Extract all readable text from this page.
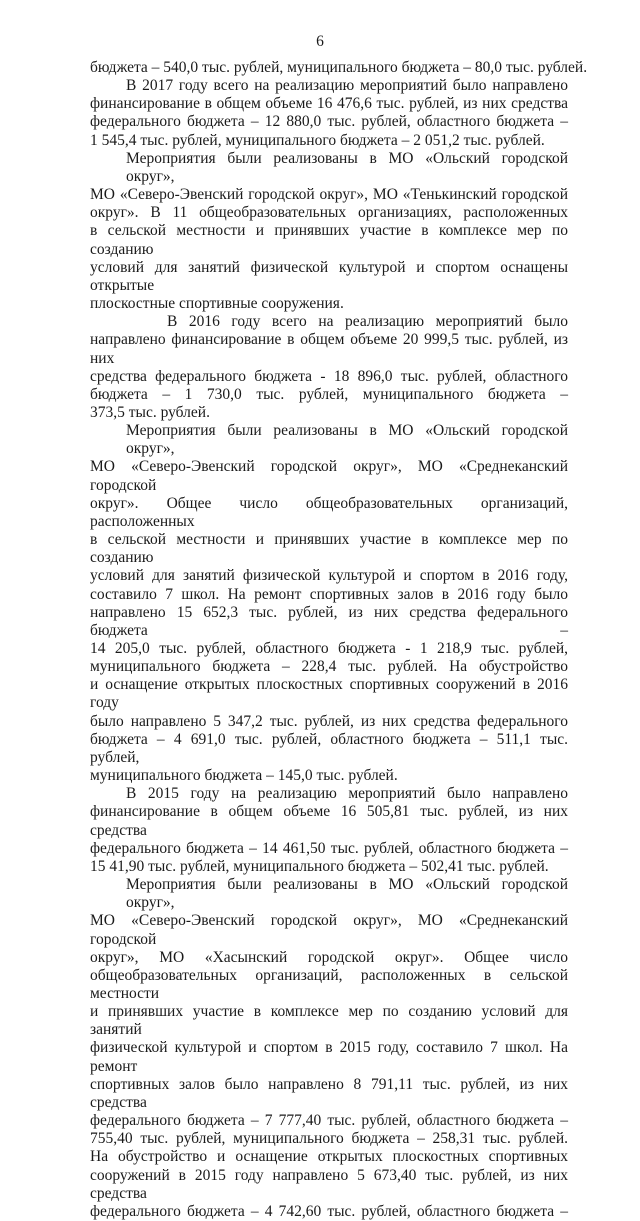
6
бюджета – 540,0 тыс. рублей, муниципального бюджета – 80,0 тыс. рублей.
В 2017 году всего на реализацию мероприятий было направлено
финансирование в общем объеме 16 476,6 тыс. рублей, из них средства
федерального бюджета – 12 880,0 тыс. рублей, областного бюджета –
1 545,4 тыс. рублей, муниципального бюджета – 2 051,2 тыс. рублей.
Мероприятия были реализованы в МО «Ольский городской округ»,
МО «Северо-Эвенский городской округ», МО «Тенькинский городской
округ». В 11 общеобразовательных организациях, расположенных
в сельской местности и принявших участие в комплексе мер по созданию
условий для занятий физической культурой и спортом оснащены открытые
плоскостные спортивные сооружения.
В 2016 году всего на реализацию мероприятий было
направлено финансирование в общем объеме 20 999,5 тыс. рублей, из них
средства федерального бюджета - 18 896,0 тыс. рублей, областного
бюджета – 1 730,0 тыс. рублей, муниципального бюджета –
373,5 тыс. рублей.
Мероприятия были реализованы в МО «Ольский городской округ»,
МО «Северо-Эвенский городской округ», МО «Среднеканский городской
округ». Общее число общеобразовательных организаций, расположенных
в сельской местности и принявших участие в комплексе мер по созданию
условий для занятий физической культурой и спортом в 2016 году,
составило 7 школ. На ремонт спортивных залов в 2016 году было
направлено 15 652,3 тыс. рублей, из них средства федерального бюджета –
14 205,0 тыс. рублей, областного бюджета - 1 218,9 тыс. рублей,
муниципального бюджета – 228,4 тыс. рублей. На обустройство
и оснащение открытых плоскостных спортивных сооружений в 2016 году
было направлено 5 347,2 тыс. рублей, из них средства федерального
бюджета – 4 691,0 тыс. рублей, областного бюджета – 511,1 тыс. рублей,
муниципального бюджета – 145,0 тыс. рублей.
В 2015 году на реализацию мероприятий было направлено
финансирование в общем объеме 16 505,81 тыс. рублей, из них средства
федерального бюджета – 14 461,50 тыс. рублей, областного бюджета –
15 41,90 тыс. рублей, муниципального бюджета – 502,41 тыс. рублей.
Мероприятия были реализованы в МО «Ольский городской округ»,
МО «Северо-Эвенский городской округ», МО «Среднеканский городской
округ», МО «Хасынский городской округ». Общее число
общеобразовательных организаций, расположенных в сельской местности
и принявших участие в комплексе мер по созданию условий для занятий
физической культурой и спортом в 2015 году, составило 7 школ. На ремонт
спортивных залов было направлено 8 791,11 тыс. рублей, из них средства
федерального бюджета – 7 777,40 тыс. рублей, областного бюджета –
755,40 тыс. рублей, муниципального бюджета – 258,31 тыс. рублей.
На обустройство и оснащение открытых плоскостных спортивных
сооружений в 2015 году направлено 5 673,40 тыс. рублей, из них средства
федерального бюджета – 4 742,60 тыс. рублей, областного бюджета –
